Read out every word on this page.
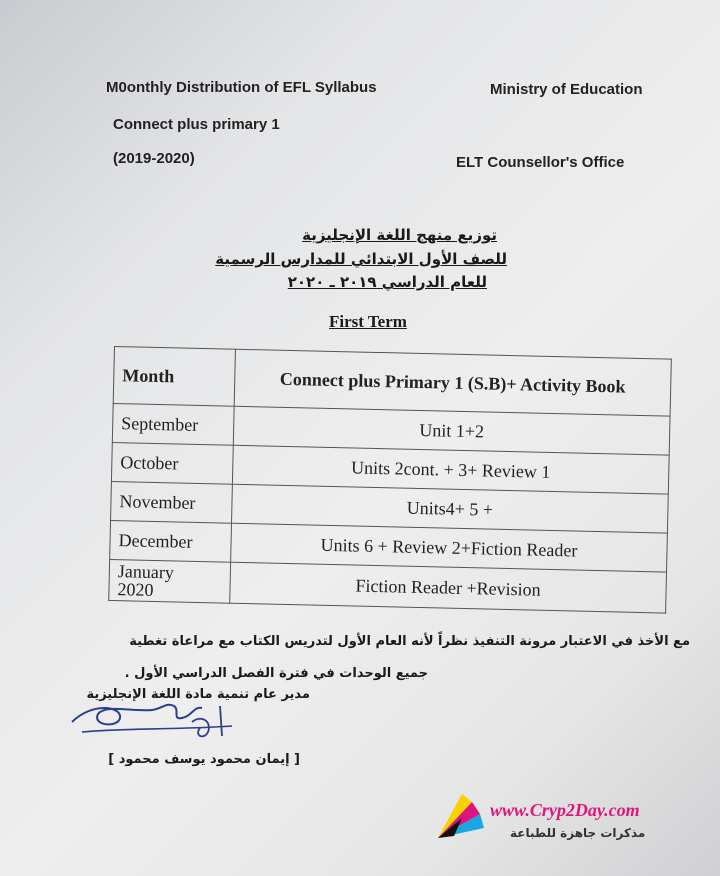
M0onthly Distribution of EFL Syllabus
Connect plus primary 1
(2019-2020)
Ministry of Education
ELT Counsellor's Office
توزيع منهج اللغة الإنجليزية
للصف الأول الابتدائي للمدارس الرسمية
للعام الدراسي ٢٠١٩ ـ ٢٠٢٠
First Term
Month	Connect plus Primary 1 (S.B)+ Activity Book
September	Unit 1+2
October	Units 2cont. + 3+ Review 1
November	Units4+ 5 +
December	Units 6 + Review 2+Fiction Reader

January
2020	Fiction Reader +Revision
مع الأخذ في الاعتبار مرونة التنفيذ نظراً لأنه العام الأول لتدريس الكتاب مع مراعاة تغطية
جميع الوحدات في فترة الفصل الدراسي الأول .
مدير عام تنمية مادة اللغة الإنجليزية
[ إيمان محمود يوسف محمود ]
www.Cryp2Day.com
مذكرات جاهزة للطباعة
